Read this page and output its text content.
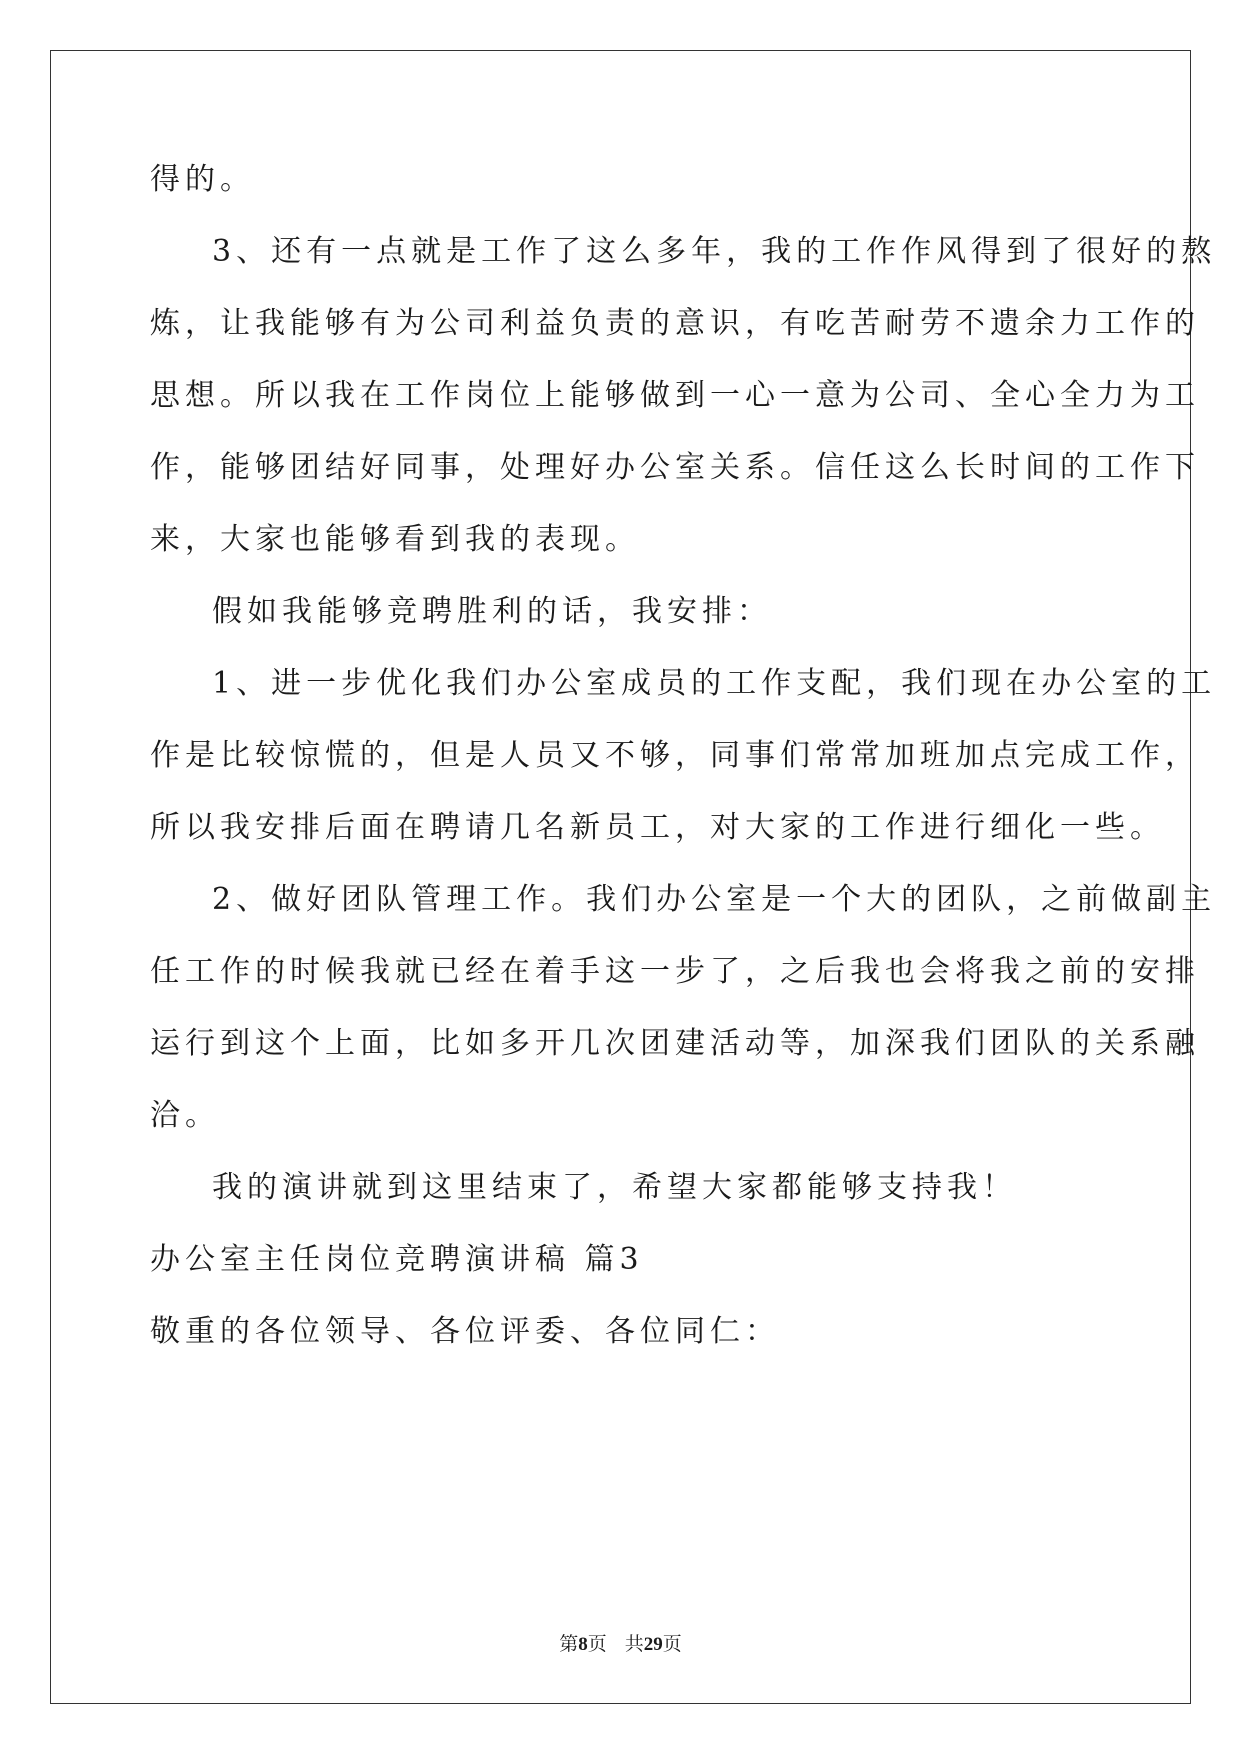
得的。
3、还有一点就是工作了这么多年，我的工作作风得到了很好的熬
炼，让我能够有为公司利益负责的意识，有吃苦耐劳不遗余力工作的
思想。所以我在工作岗位上能够做到一心一意为公司、全心全力为工
作，能够团结好同事，处理好办公室关系。信任这么长时间的工作下
来，大家也能够看到我的表现。
假如我能够竞聘胜利的话，我安排：
1、进一步优化我们办公室成员的工作支配，我们现在办公室的工
作是比较惊慌的，但是人员又不够，同事们常常加班加点完成工作，
所以我安排后面在聘请几名新员工，对大家的工作进行细化一些。
2、做好团队管理工作。我们办公室是一个大的团队，之前做副主
任工作的时候我就已经在着手这一步了，之后我也会将我之前的安排
运行到这个上面，比如多开几次团建活动等，加深我们团队的关系融
洽。
我的演讲就到这里结束了，希望大家都能够支持我！
办公室主任岗位竞聘演讲稿 篇3
敬重的各位领导、各位评委、各位同仁：
第8页 共29页
